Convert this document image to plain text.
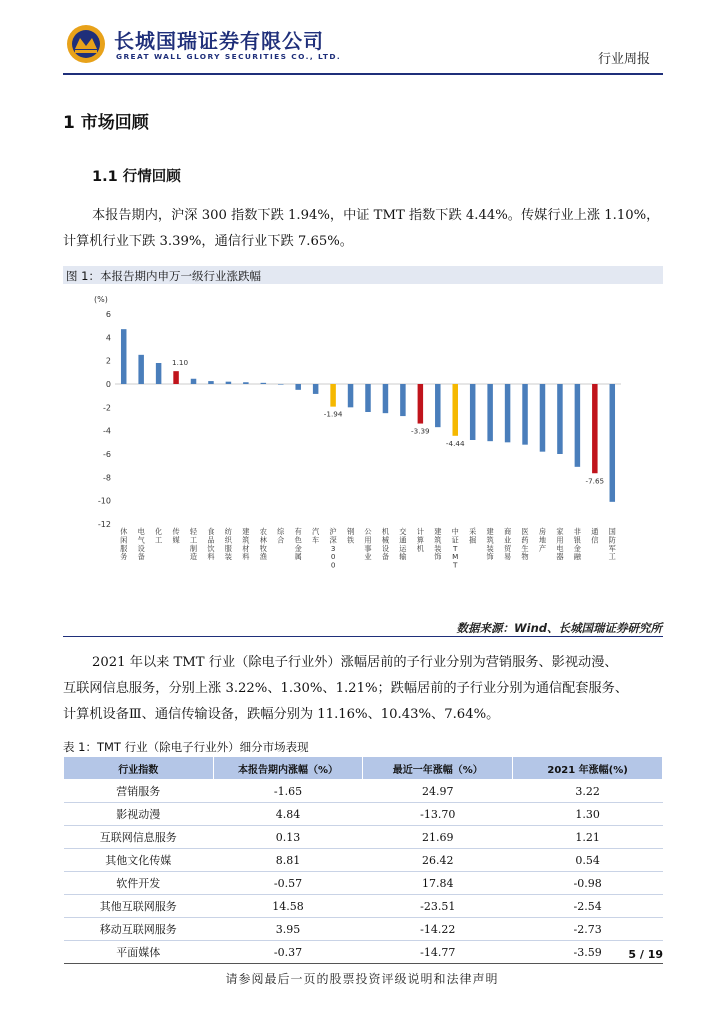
长城国瑞证券有限公司
GREAT WALL GLORY SECURITIES CO., LTD.	行业周报
1 市场回顾
1.1 行情回顾
本报告期内，沪深 300 指数下跌 1.94%，中证 TMT 指数下跌 4.44%。传媒行业上涨 1.10%，
计算机行业下跌 3.39%，通信行业下跌 7.65%。
图 1：本报告期内申万一级行业涨跌幅
(%)
6
4
2
0
-2
-4
-6
-8
-10
-12
休闲服务
电气设备
化工
传媒
轻工制造
食品饮料
纺织服装
建筑材料
农林牧渔
综合
有色金属
汽车
沪深 3 0 0
钢铁
公用事业
机械设备
交通运输
计算机
建筑装饰
中证 T M T
采掘
建筑装饰
商业贸易
医药生物
房地产
家用电器
非银金融
通信
国防军工
1.10
-1.94
-3.39
-4.44
-7.65
数据来源：Wind、长城国瑞证券研究所
2021 年以来 TMT 行业（除电子行业外）涨幅居前的子行业分别为营销服务、影视动漫、
互联网信息服务，分别上涨 3.22%、1.30%、1.21%；跌幅居前的子行业分别为通信配套服务、
计算机设备Ⅲ、通信传输设备，跌幅分别为 11.16%、10.43%、7.64%。
表 1：TMT 行业（除电子行业外）细分市场表现
行业指数	本报告期内涨幅（%）	最近一年涨幅（%）	2021 年涨幅(%)
营销服务	-1.65	24.97	3.22
影视动漫	4.84	-13.70	1.30
互联网信息服务	0.13	21.69	1.21
其他文化传媒	8.81	26.42	0.54
软件开发	-0.57	17.84	-0.98
其他互联网服务	14.58	-23.51	-2.54
移动互联网服务	3.95	-14.22	-2.73
平面媒体	-0.37	-14.77	-3.59 5 / 19
请参阅最后一页的股票投资评级说明和法律声明
